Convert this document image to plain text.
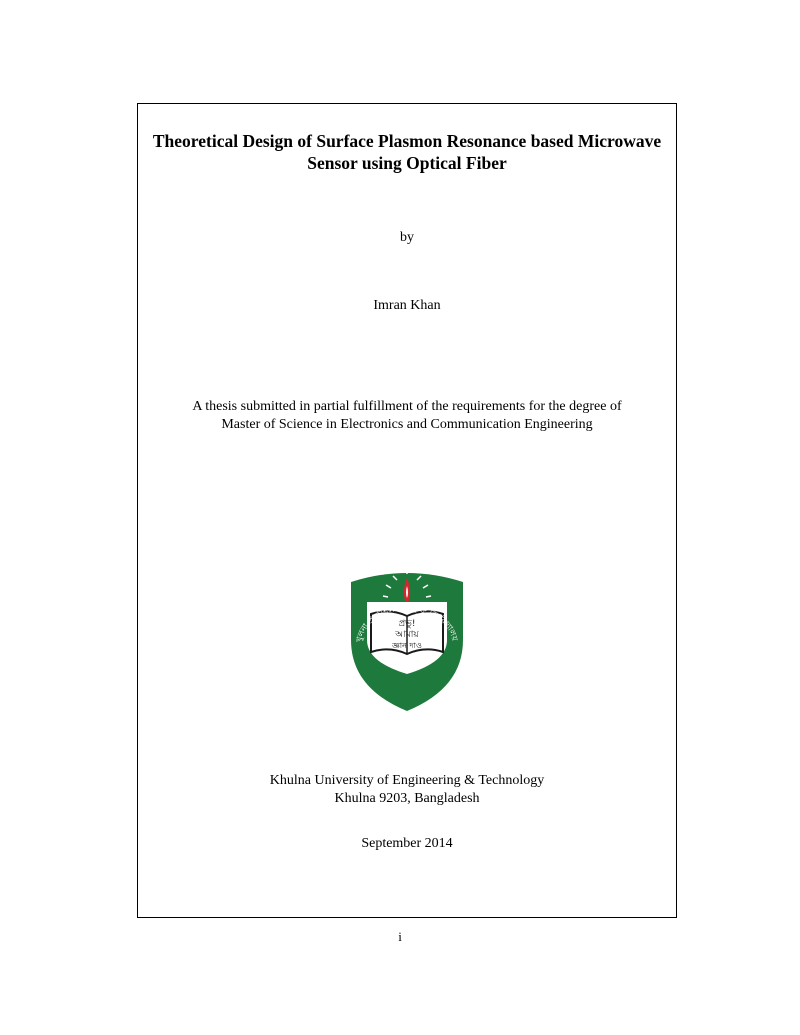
Theoretical Design of Surface Plasmon Resonance based Microwave
Sensor using Optical Fiber
by
Imran Khan
A thesis submitted in partial fulfillment of the requirements for the degree of
Master of Science in Electronics and Communication Engineering
প্রভু!
আমায়
জ্ঞান দাও
খুলনা প্রকৌশল ও প্রযুক্তি বিশ্ববিদ্যালয়
Khulna University of Engineering & Technology
Khulna 9203, Bangladesh
September 2014
i
